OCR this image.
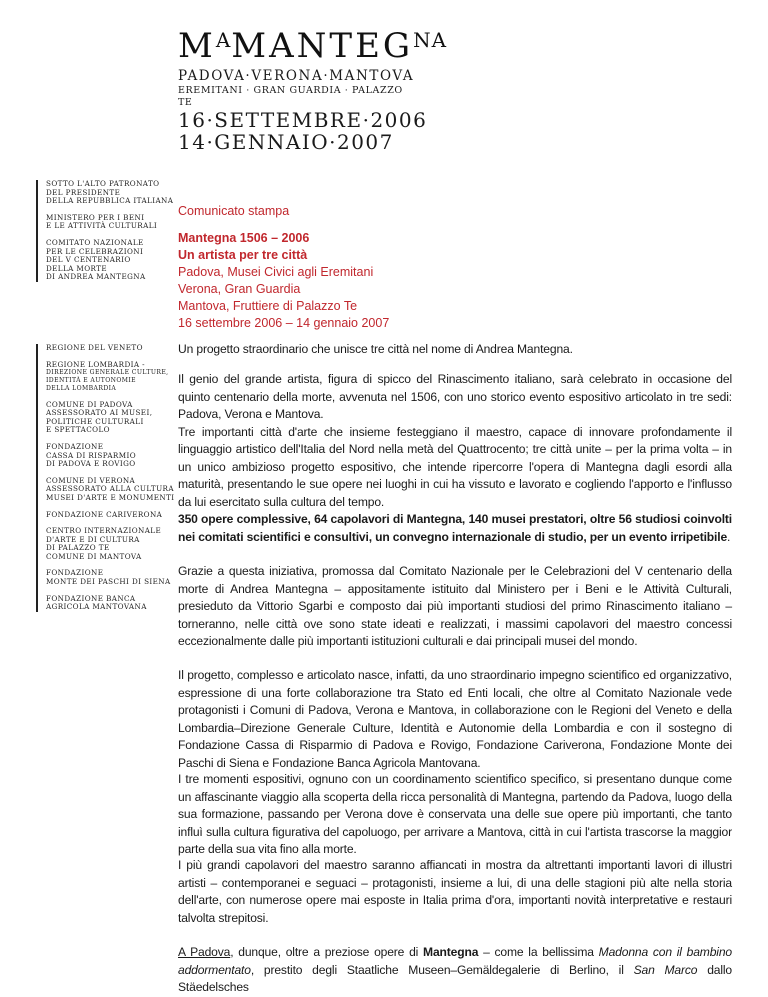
$M^AMANTEG^{NA}$
PADOVA·VERONA·MANTOVA
EREMITANI · GRAN GUARDIA · PALAZZO TE
16·SETTEMBRE·2006
14·GENNAIO·2007
SOTTO L'ALTO PATRONATO
DEL PRESIDENTE
DELLA REPUBBLICA ITALIANA
MINISTERO PER I BENI
E LE ATTIVITÀ CULTURALI
COMITATO NAZIONALE
PER LE CELEBRAZIONI
DEL V CENTENARIO
DELLA MORTE
DI ANDREA MANTEGNA
REGIONE DEL VENETO
REGIONE LOMBARDIA -
DIREZIONE GENERALE CULTURE,
IDENTITÀ E AUTONOMIE
DELLA LOMBARDIA
COMUNE DI PADOVA
ASSESSORATO AI MUSEI,
POLITICHE CULTURALI
E SPETTACOLO
FONDAZIONE
CASSA DI RISPARMIO
DI PADOVA E ROVIGO
COMUNE DI VERONA
ASSESSORATO ALLA CULTURA
MUSEI D'ARTE E MONUMENTI
FONDAZIONE CARIVERONA
CENTRO INTERNAZIONALE
D'ARTE E DI CULTURA
DI PALAZZO TE
COMUNE DI MANTOVA
FONDAZIONE
MONTE DEI PASCHI DI SIENA
FONDAZIONE BANCA
AGRICOLA MANTOVANA
Comunicato stampa
Mantegna 1506 – 2006
Un artista per tre città
Padova, Musei Civici agli Eremitani
Verona, Gran Guardia
Mantova, Fruttiere di Palazzo Te
16 settembre 2006 – 14 gennaio 2007
Un progetto straordinario che unisce tre città nel nome di Andrea Mantegna.
Il genio del grande artista, figura di spicco del Rinascimento italiano, sarà celebrato in occasione del quinto centenario della morte, avvenuta nel 1506, con uno storico evento espositivo articolato in tre sedi: Padova, Verona e Mantova.
Tre importanti città d'arte che insieme festeggiano il maestro, capace di innovare profondamente il linguaggio artistico dell'Italia del Nord nella metà del Quattrocento; tre città unite – per la prima volta – in un unico ambizioso progetto espositivo, che intende ripercorre l'opera di Mantegna dagli esordi alla maturità, presentando le sue opere nei luoghi in cui ha vissuto e lavorato e cogliendo l'apporto e l'influsso da lui esercitato sulla cultura del tempo.
350 opere complessive, 64 capolavori di Mantegna, 140 musei prestatori, oltre 56 studiosi coinvolti nei comitati scientifici e consultivi, un convegno internazionale di studio, per un evento irripetibile.
Grazie a questa iniziativa, promossa dal Comitato Nazionale per le Celebrazioni del V centenario della morte di Andrea Mantegna – appositamente istituito dal Ministero per i Beni e le Attività Culturali, presieduto da Vittorio Sgarbi e composto dai più importanti studiosi del primo Rinascimento italiano – torneranno, nelle città ove sono state ideati e realizzati, i massimi capolavori del maestro concessi eccezionalmente dalle più importanti istituzioni culturali e dai principali musei del mondo.
Il progetto, complesso e articolato nasce, infatti, da uno straordinario impegno scientifico ed organizzativo, espressione di una forte collaborazione tra Stato ed Enti locali, che oltre al Comitato Nazionale vede protagonisti i Comuni di Padova, Verona e Mantova, in collaborazione con le Regioni del Veneto e della Lombardia–Direzione Generale Culture, Identità e Autonomie della Lombardia e con il sostegno di Fondazione Cassa di Risparmio di Padova e Rovigo, Fondazione Cariverona, Fondazione Monte dei Paschi di Siena e Fondazione Banca Agricola Mantovana.
I tre momenti espositivi, ognuno con un coordinamento scientifico specifico, si presentano dunque come un affascinante viaggio alla scoperta della ricca personalità di Mantegna, partendo da Padova, luogo della sua formazione, passando per Verona dove è conservata una delle sue opere più importanti, che tanto influì sulla cultura figurativa del capoluogo, per arrivare a Mantova, città in cui l'artista trascorse la maggior parte della sua vita fino alla morte.
I più grandi capolavori del maestro saranno affiancati in mostra da altrettanti importanti lavori di illustri artisti – contemporanei e seguaci – protagonisti, insieme a lui, di una delle stagioni più alte nella storia dell'arte, con numerose opere mai esposte in Italia prima d'ora, importanti novità interpretative e restauri talvolta strepitosi.
A Padova, dunque, oltre a preziose opere di Mantegna – come la bellissima Madonna con il bambino addormentato, prestito degli Staatliche Museen–Gemäldegalerie di Berlino, il San Marco dallo Stäedelsches
